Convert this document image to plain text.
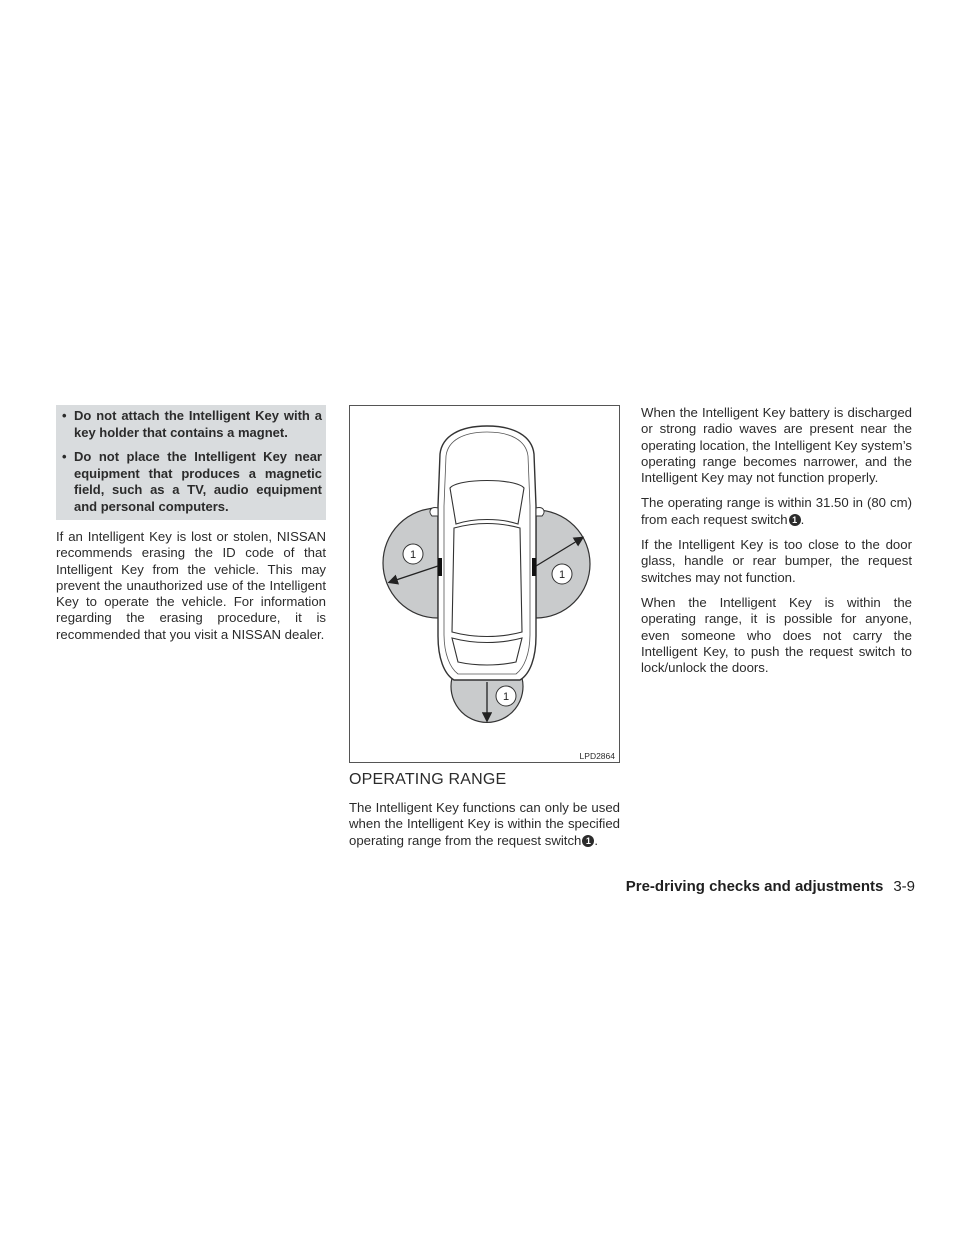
• Do not attach the Intelligent Key with a key holder that contains a magnet.
• Do not place the Intelligent Key near equipment that produces a magnetic field, such as a TV, audio equipment and personal computers.

If an Intelligent Key is lost or stolen, NISSAN recommends erasing the ID code of that Intelligent Key from the vehicle. This may prevent the unauthorized use of the Intelligent Key to operate the vehicle. For information regarding the erasing procedure, it is recommended that you visit a NISSAN dealer.

1
1
1
LPD2864
OPERATING RANGE

The Intelligent Key functions can only be used when the Intelligent Key is within the specified operating range from the request switch 1 .

When the Intelligent Key battery is discharged or strong radio waves are present near the operating location, the Intelligent Key system’s operating range becomes narrower, and the Intelligent Key may not function properly.

The operating range is within 31.50 in (80 cm) from each request switch 1 .

If the Intelligent Key is too close to the door glass, handle or rear bumper, the request switches may not function.

When the Intelligent Key is within the operating range, it is possible for anyone, even someone who does not carry the Intelligent Key, to push the request switch to lock/unlock the doors.

Pre-driving checks and adjustments 3-9
